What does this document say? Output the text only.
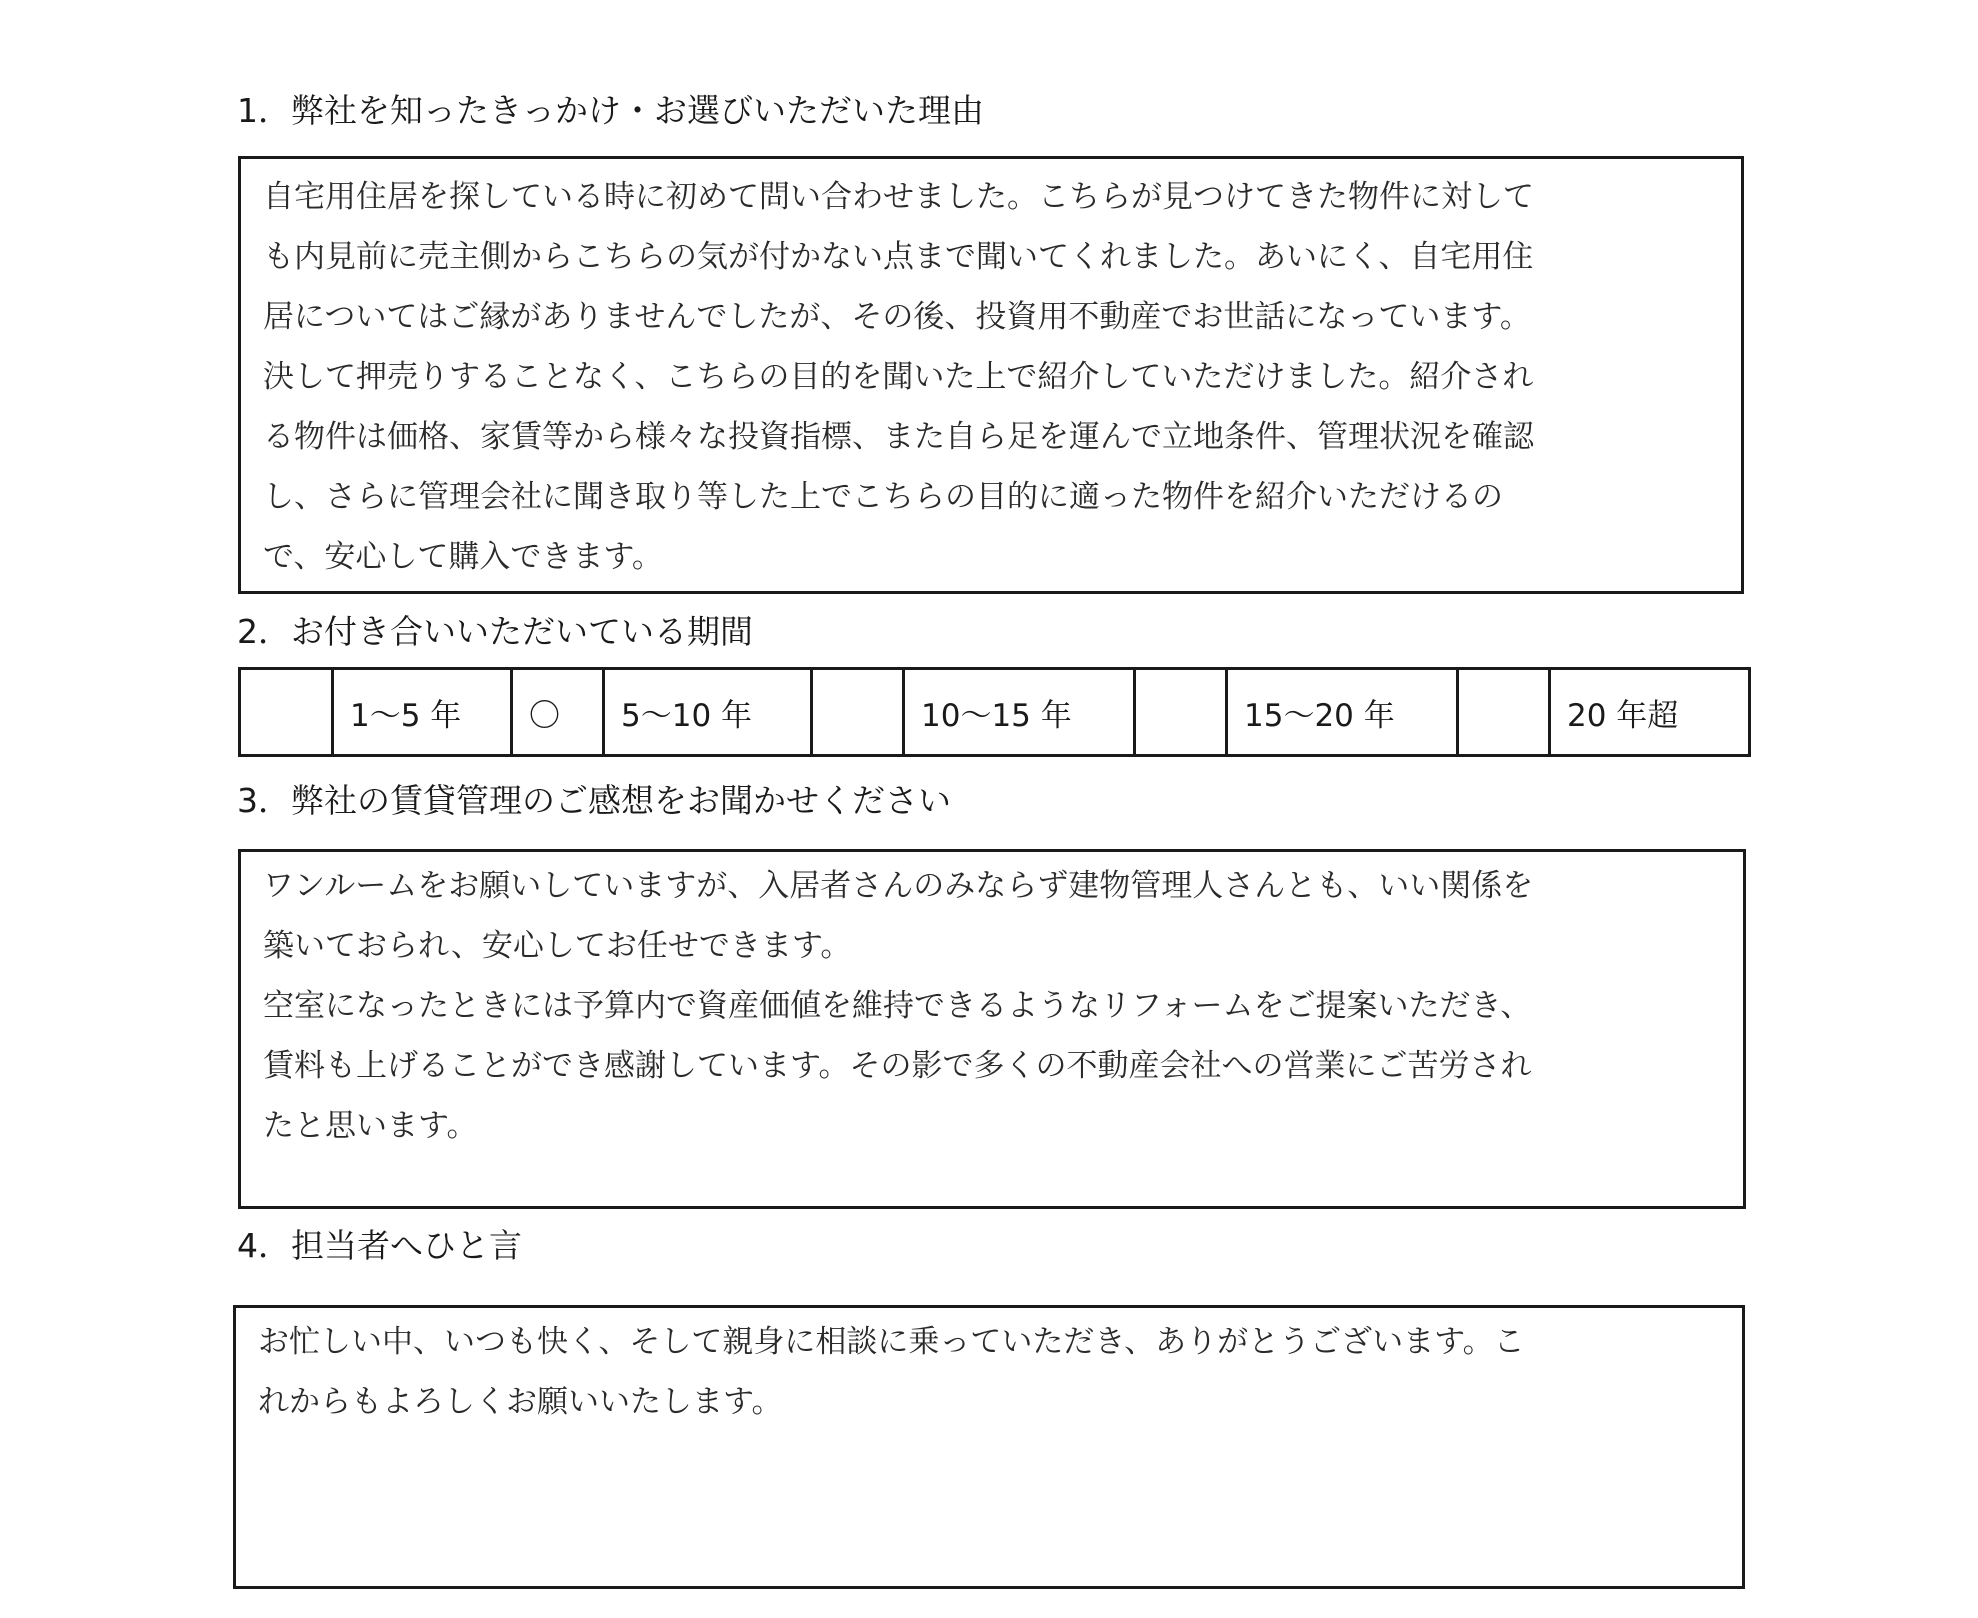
1．弊社を知ったきっかけ・お選びいただいた理由
自宅用住居を探している時に初めて問い合わせました。こちらが見つけてきた物件に対して
も内見前に売主側からこちらの気が付かない点まで聞いてくれました。あいにく、自宅用住
居についてはご縁がありませんでしたが、その後、投資用不動産でお世話になっています。
決して押売りすることなく、こちらの目的を聞いた上で紹介していただけました。紹介され
る物件は価格、家賃等から様々な投資指標、また自ら足を運んで立地条件、管理状況を確認
し、さらに管理会社に聞き取り等した上でこちらの目的に適った物件を紹介いただけるの
で、安心して購入できます。
2．お付き合いいただいている期間
	1～5 年	〇	5～10 年		10～15 年		15～20 年		20 年超
3．弊社の賃貸管理のご感想をお聞かせください
ワンルームをお願いしていますが、入居者さんのみならず建物管理人さんとも、いい関係を
築いておられ、安心してお任せできます。
空室になったときには予算内で資産価値を維持できるようなリフォームをご提案いただき、
賃料も上げることができ感謝しています。その影で多くの不動産会社への営業にご苦労され
たと思います。
4．担当者へひと言
お忙しい中、いつも快く、そして親身に相談に乗っていただき、ありがとうございます。こ
れからもよろしくお願いいたします。
